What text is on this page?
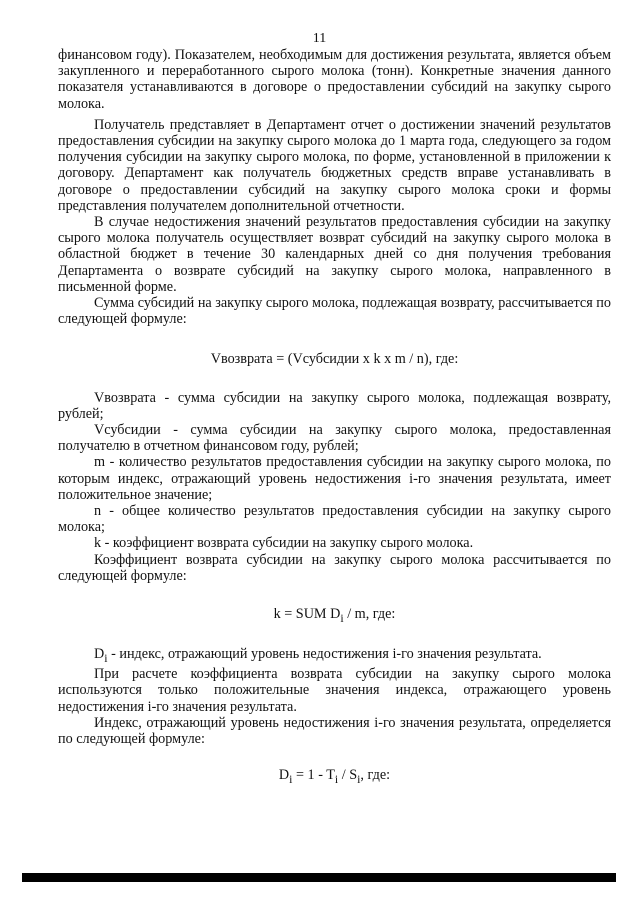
11

финансовом году). Показателем, необходимым для достижения результата, является объем закупленного и переработанного сырого молока (тонн). Конкретные значения данного показателя устанавливаются в договоре о предоставлении субсидий на закупку сырого молока.

Получатель представляет в Департамент отчет о достижении значений результатов предоставления субсидии на закупку сырого молока до 1 марта года, следующего за годом получения субсидии на закупку сырого молока, по форме, установленной в приложении к договору. Департамент как получатель бюджетных средств вправе устанавливать в договоре о предоставлении субсидий на закупку сырого молока сроки и формы представления получателем дополнительной отчетности.

В случае недостижения значений результатов предоставления субсидии на закупку сырого молока получатель осуществляет возврат субсидий на закупку сырого молока в областной бюджет в течение 30 календарных дней со дня получения требования Департамента о возврате субсидий на закупку сырого молока, направленного в письменной форме.

Сумма субсидий на закупку сырого молока, подлежащая возврату, рассчитывается по следующей формуле:

Vвозврата = (Vсубсидии x k x m / n), где:

Vвозврата - сумма субсидии на закупку сырого молока, подлежащая возврату, рублей;

Vсубсидии - сумма субсидии на закупку сырого молока, предоставленная получателю в отчетном финансовом году, рублей;

m - количество результатов предоставления субсидии на закупку сырого молока, по которым индекс, отражающий уровень недостижения i-го значения результата, имеет положительное значение;

n - общее количество результатов предоставления субсидии на закупку сырого молока;

k - коэффициент возврата субсидии на закупку сырого молока.

Коэффициент возврата субсидии на закупку сырого молока рассчитывается по следующей формуле:

k = SUM $D_i$ / m, где:

$D_i$ - индекс, отражающий уровень недостижения i-го значения результата.

При расчете коэффициента возврата субсидии на закупку сырого молока используются только положительные значения индекса, отражающего уровень недостижения i-го значения результата.

Индекс, отражающий уровень недостижения i-го значения результата, определяется по следующей формуле:

$D_i = 1 - T_i / S_i$, где:
